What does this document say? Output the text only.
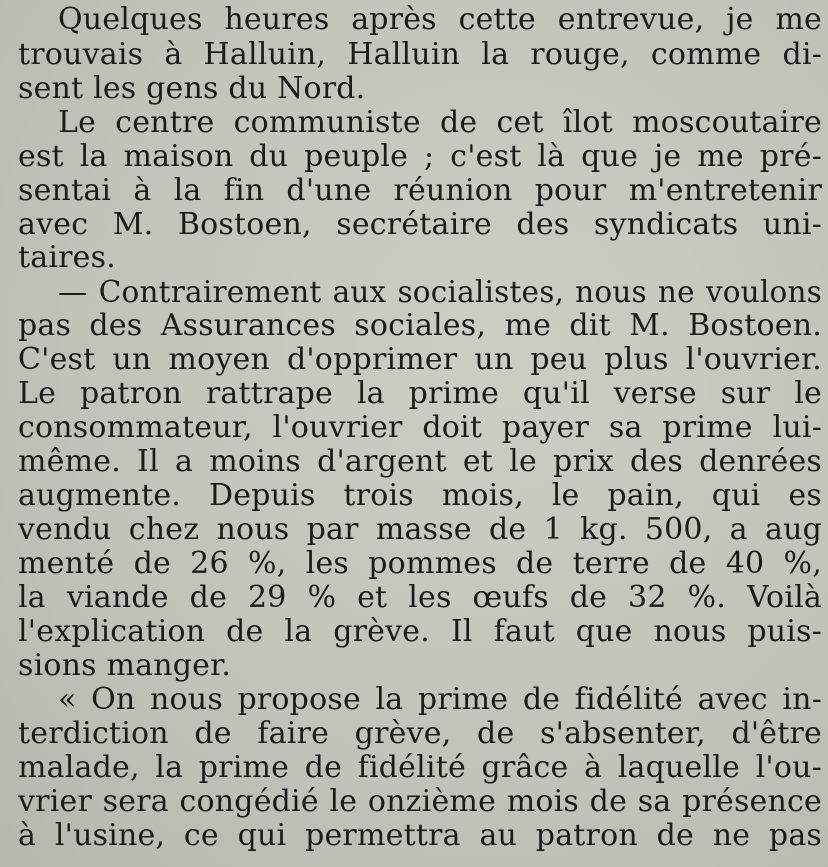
Quelques heures après cette entrevue, je me
trouvais à Halluin, Halluin la rouge, comme di-
sent les gens du Nord.
Le centre communiste de cet îlot moscoutaire
est la maison du peuple ; c'est là que je me pré-
sentai à la fin d'une réunion pour m'entretenir
avec M. Bostoen, secrétaire des syndicats uni-
taires.
— Contrairement aux socialistes, nous ne voulons
pas des Assurances sociales, me dit M. Bostoen.
C'est un moyen d'opprimer un peu plus l'ouvrier.
Le patron rattrape la prime qu'il verse sur le
consommateur, l'ouvrier doit payer sa prime lui-
même. Il a moins d'argent et le prix des denrées
augmente. Depuis trois mois, le pain, qui es
vendu chez nous par masse de 1 kg. 500, a aug
menté de 26 %, les pommes de terre de 40 %,
la viande de 29 % et les œufs de 32 %. Voilà
l'explication de la grève. Il faut que nous puis-
sions manger.
« On nous propose la prime de fidélité avec in-
terdiction de faire grève, de s'absenter, d'être
malade, la prime de fidélité grâce à laquelle l'ou-
vrier sera congédié le onzième mois de sa présence
à l'usine, ce qui permettra au patron de ne pas
